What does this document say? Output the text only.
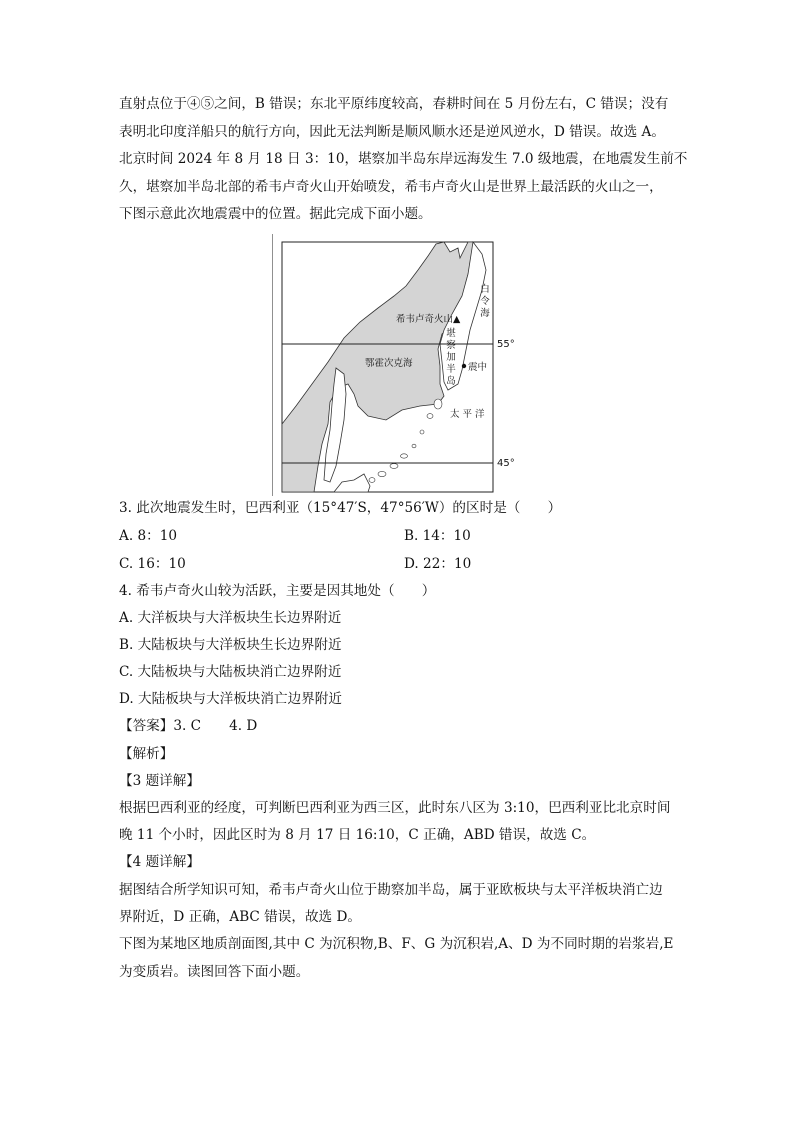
直射点位于④⑤之间，B 错误；东北平原纬度较高，春耕时间在 5 月份左右，C 错误；没有
表明北印度洋船只的航行方向，因此无法判断是顺风顺水还是逆风逆水，D 错误。故选 A。
北京时间 2024 年 8 月 18 日 3：10，堪察加半岛东岸远海发生 7.0 级地震，在地震发生前不
久，堪察加半岛北部的希韦卢奇火山开始喷发，希韦卢奇火山是世界上最活跃的火山之一，
下图示意此次地震震中的位置。据此完成下面小题。
希韦卢奇火山▲
堪
察
加
半
岛
震中
鄂霍次克海
白
令
海
太 平 洋
55°
45°
3. 此次地震发生时，巴西利亚（15°47′S，47°56′W）的区时是（　　）
A. 8：10	B. 14：10
C. 16：10	D. 22：10
4. 希韦卢奇火山较为活跃，主要是因其地处（　　）
A. 大洋板块与大洋板块生长边界附近
B. 大陆板块与大洋板块生长边界附近
C. 大陆板块与大陆板块消亡边界附近
D. 大陆板块与大洋板块消亡边界附近
【答案】3. C 4. D
【解析】
【3 题详解】
根据巴西利亚的经度，可判断巴西利亚为西三区，此时东八区为 3:10，巴西利亚比北京时间
晚 11 个小时，因此区时为 8 月 17 日 16:10，C 正确，ABD 错误，故选 C。
【4 题详解】
据图结合所学知识可知，希韦卢奇火山位于勘察加半岛，属于亚欧板块与太平洋板块消亡边
界附近，D 正确，ABC 错误，故选 D。
下图为某地区地质剖面图,其中 C 为沉积物,B、F、G 为沉积岩,A、D 为不同时期的岩浆岩,E
为变质岩。读图回答下面小题。
